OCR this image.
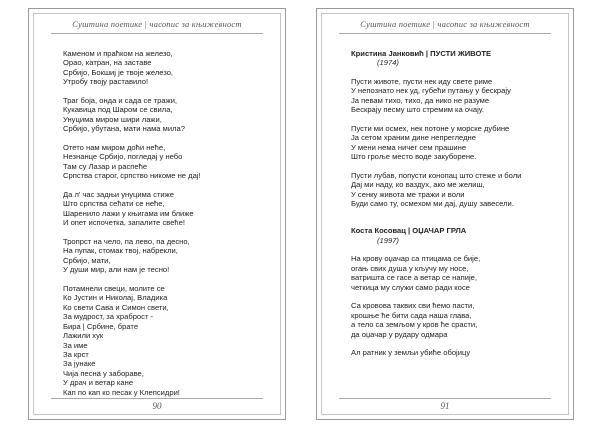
Суштина поетике | часопис за књижевност
Каменом и праћком на железо,
Орао, катран, на заставе
Србијо, Бокшиј је твоје железо,
Утробу твоју раставило!
Траг боја, онда и сада се тражи,
Кукавица под Шаром се свила,
Унуцима миром шири лажи,
Србијо, убутана, мати нама мила?
Отето нам миром доћи неће,
Незнанце Србијо, погледај у небо
Там су Лазар и распеће
Српства старог, српство никоме не дај!
Да л' час задњи унуцима стиже
Што српства сећати се неће,
Шаренило лажи у књигама им ближе
И опет испочетка, запалите свеће!
Тропрст на чело, па лево, па десно,
На пупак, стомак твој, набрекли,
Србијо, мати,
У души мир, али нам је тесно!
Потамнели свеци, молите се
Ко Јустин и Николај, Владика
Ко свети Сава и Симон свети,
За мудрост, за храброст -
Бира | Србине, брате
Лажили хук
За име
За крст
За јунаке
Чија песна у забораве,
У драч и ветар кане
Кап по кап ко песак у Клепсидри!
90
Суштина поетике | часопис за књижевност
Кристина Јанковић | ПУСТИ ЖИВОТЕ
(1974)
Пусти животе, пусти нек иду свете риме
У непознато нек уд, губећи путању у бескрају
Ја певам тихо, тихо, да нико не разуме
Бескрају песму што стремим ка очају.
Пусти ми осмех, нек потоне у морске дубине
Ја сетом храним дине непрегледне
У мени нема ничег сем прашине
Што гроље место воде закуборене.
Пусти лубав, попусти конопац што стеже и боли
Дај ми наду, ко ваздух, ако ме желиш,
У сенку живота ме тражи и воли
Буди само ту, осмехом ми дај, душу завесели.
Коста Косовац | ОЏАЧАР ГРЛА
(1997)
На крову оџачар са птицама се бије,
огањ свих душа у кључу му носе,
ватришта се гасе а ветар се напије,
четкица му служи само ради косе
Са кровова таквих сви ћемо пасти,
крошње ће бити сада наша глава,
а тело са земљом у кров ће срасти,
да оџачар у рудару одмара
Ал ратник у земљи убиће обојицу
91
